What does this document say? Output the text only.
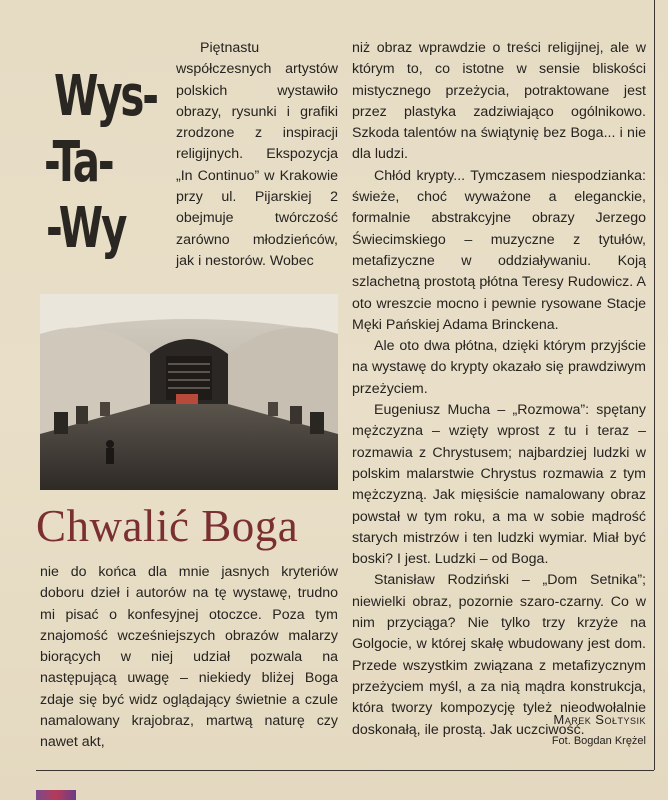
Wys-
-Ta-
-Wy

Piętnastu współczesnych artystów polskich wystawiło obrazy, rysunki i grafiki zrodzone z inspiracji religijnych. Ekspozycja „In Continuo” w Krakowie przy ul. Pijarskiej 2 obejmuje twórczość zarówno młodzieńców, jak i nestorów. Wobec

Chwalić Boga

nie do końca dla mnie jasnych kryteriów doboru dzieł i autorów na tę wystawę, trudno mi pisać o konfesyjnej otoczce. Poza tym znajomość wcześniejszych obrazów malarzy biorących w niej udział pozwala na następującą uwagę – niekiedy bliżej Boga zdaje się być widz oglądający świetnie a czule namalowany krajobraz, martwą naturę czy nawet akt,

niż obraz wprawdzie o treści religijnej, ale w którym to, co istotne w sensie bliskości mistycznego przeżycia, potraktowane jest przez plastyka zadziwiająco ogólnikowo. Szkoda talentów na świątynię bez Boga... i nie dla ludzi.

Chłód krypty... Tymczasem niespodzianka: świeże, choć wyważone a eleganckie, formalnie abstrakcyjne obrazy Jerzego Świecimskiego – muzyczne z tytułów, metafizyczne w oddziaływaniu. Koją szlachetną prostotą płótna Teresy Rudowicz. A oto wreszcie mocno i pewnie rysowane Stacje Męki Pańskiej Adama Brinckena.

Ale oto dwa płótna, dzięki którym przyjście na wystawę do krypty okazało się prawdziwym przeżyciem.

Eugeniusz Mucha – „Rozmowa”: spętany mężczyzna – wzięty wprost z tu i teraz – rozmawia z Chrystusem; najbardziej ludzki w polskim malarstwie Chrystus rozmawia z tym mężczyzną. Jak mięsiście namalowany obraz powstał w tym roku, a ma w sobie mądrość starych mistrzów i ten ludzki wymiar. Miał być boski? I jest. Ludzki – od Boga.

Stanisław Rodziński – „Dom Setnika”; niewielki obraz, pozornie szaro-czarny. Co w nim przyciąga? Nie tylko trzy krzyże na Golgocie, w której skałę wbudowany jest dom. Przede wszystkim związana z metafizycznym przeżyciem myśl, a za nią mądra konstrukcja, która tworzy kompozycję tyleż nieodwołalnie doskonałą, ile prostą. Jak uczciwość.

Marek Sołtysik
Fot. Bogdan Krężel
